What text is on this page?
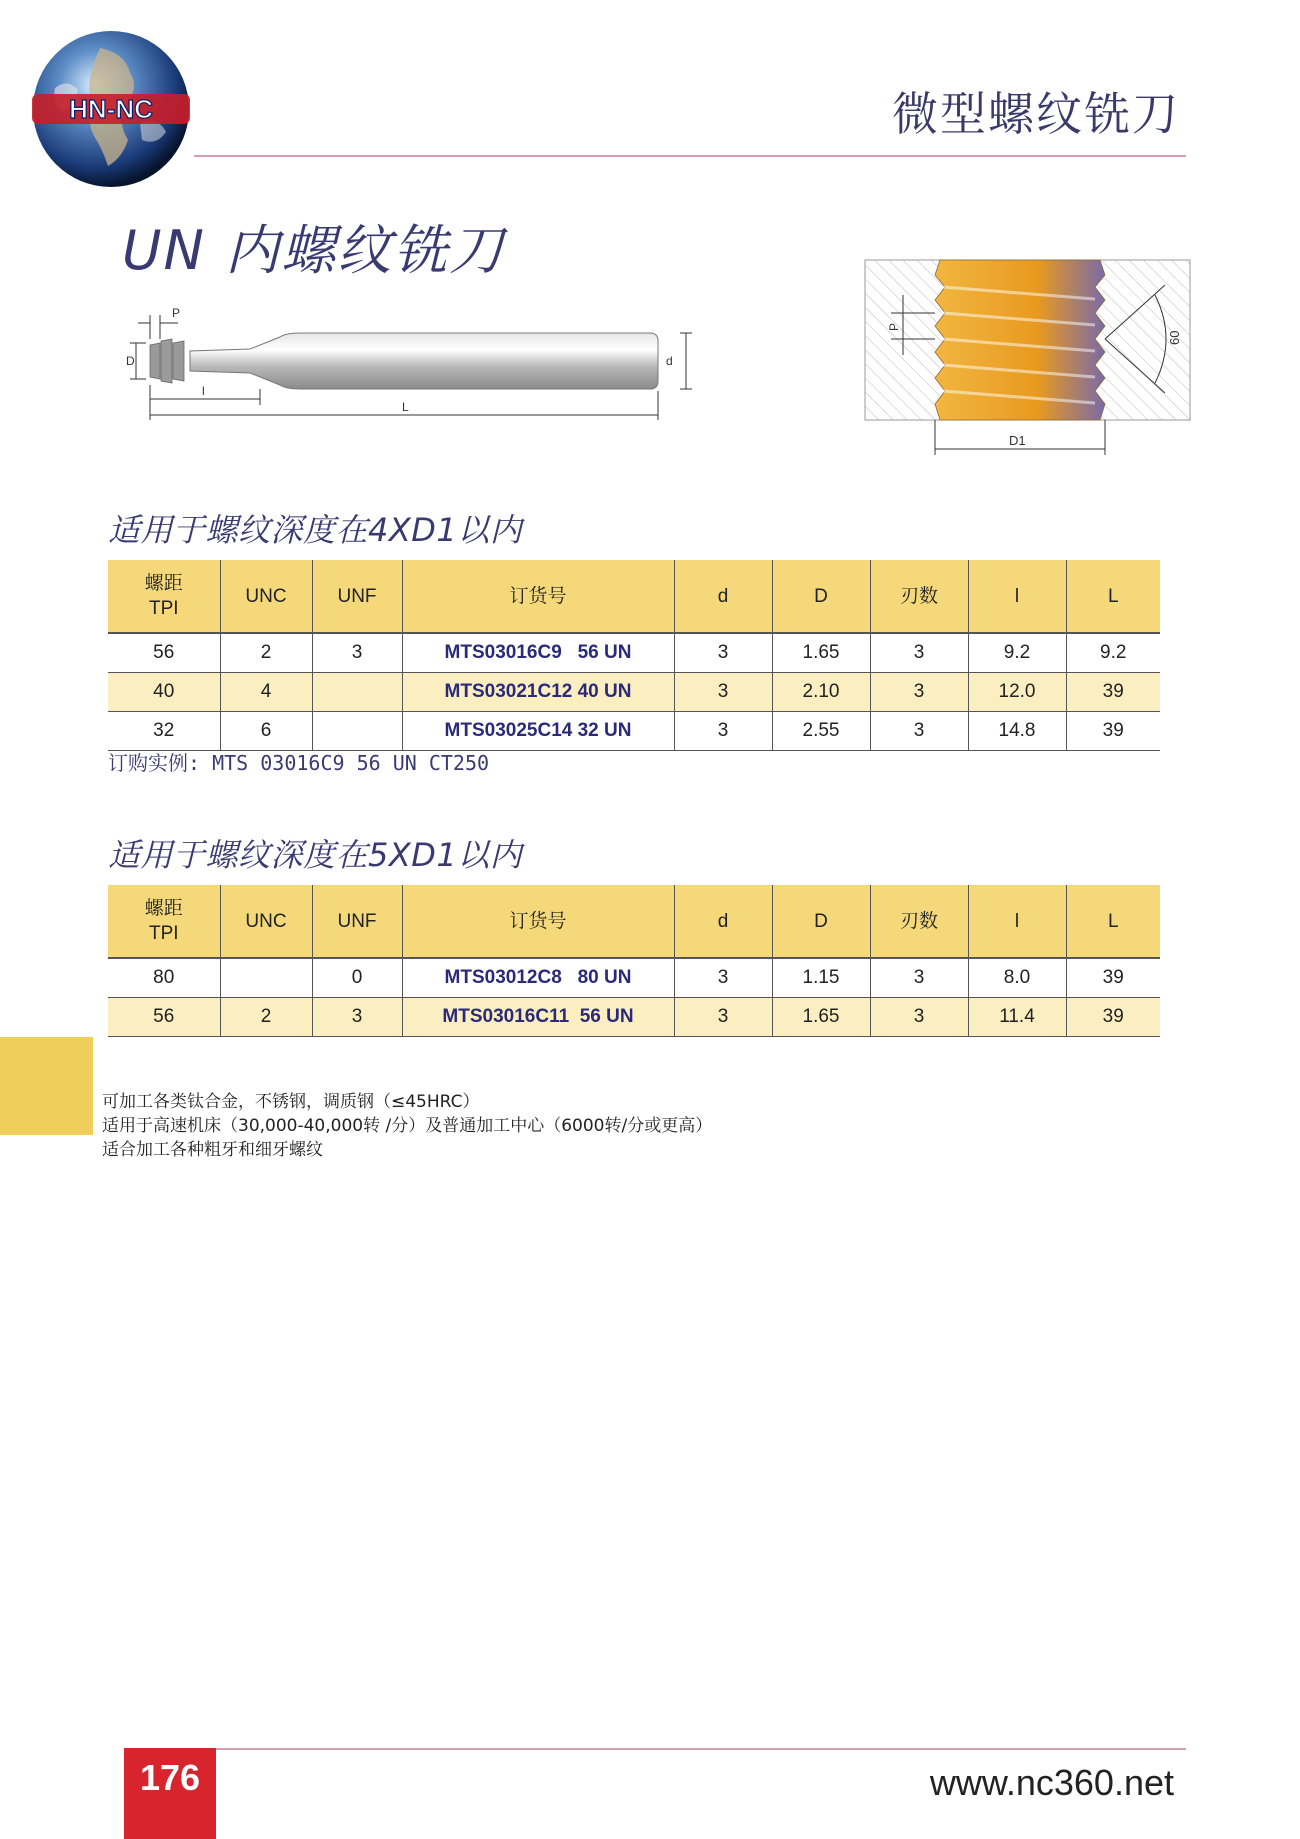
HN-NC	微型螺纹铣刀
UN 内螺纹铣刀
P
D	d
l
L
P
60
D1
适用于螺纹深度在4XD1以内
螺距
TPI	UNC	UNF	订货号	d	D	刃数	l	L
56	2	3	MTS03016C9   56 UN	3	1.65	3	9.2	9.2
40	4		MTS03021C12 40 UN	3	2.10	3	12.0	39
32	6		MTS03025C14 32 UN	3	2.55	3	14.8	39
订购实例: MTS 03016C9 56 UN CT250
适用于螺纹深度在5XD1以内
螺距
TPI	UNC	UNF	订货号	d	D	刃数	l	L
80		0	MTS03012C8   80 UN	3	1.15	3	8.0	39
56	2	3	MTS03016C11  56 UN	3	1.65	3	11.4	39
可加工各类钛合金，不锈钢，调质钢（≤45HRC）
适用于高速机床（30,000-40,000转 /分）及普通加工中心（6000转/分或更高）
适合加工各种粗牙和细牙螺纹
176	www.nc360.net
